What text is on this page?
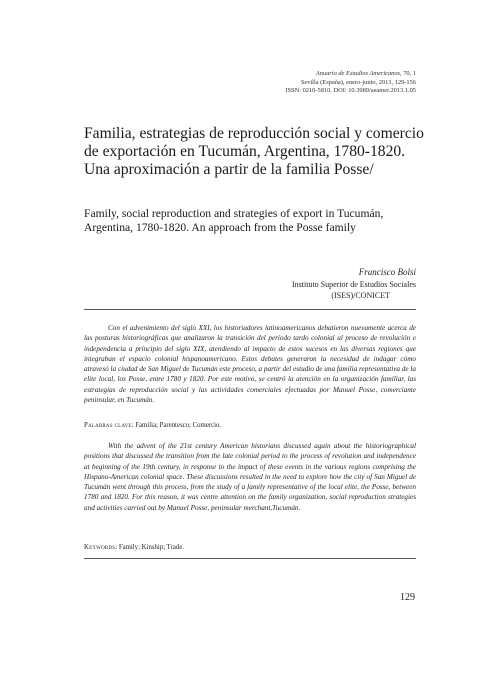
Anuario de Estudios Americanos, 70, 1
Sevilla (España), enero-junio, 2013, 129-156
ISSN: 0210-5810. DOI: 10.3989/aeamer.2013.1.05
Familia, estrategias de reproducción social y comercio de exportación en Tucumán, Argentina, 1780-1820. Una aproximación a partir de la familia Posse/
Family, social reproduction and strategies of export in Tucumán, Argentina, 1780-1820. An approach from the Posse family
Francisco Bolsi
Instituto Superior de Estudios Sociales
(ISES)/CONICET

Con el advenimiento del siglo XXI, los historiadores latinoamericanos debatieron nuevamente acerca de las posturas historiográficas que analizaron la transición del período tardo colonial al proceso de revolución e independencia a principio del siglo XIX, atendiendo al impacto de estos sucesos en las diversas regiones que integraban el espacio colonial hispanoamericano. Estos debates generaron la necesidad de indagar cómo atravesó la ciudad de San Miguel de Tucumán este proceso, a partir del estudio de una familia representativa de la elite local, los Posse, entre 1780 y 1820. Por este motivo, se centró la atención en la organización familiar, las estrategias de reproducción social y las actividades comerciales efectuadas por Manuel Posse, comerciante peninsular, en Tucumán.

Palabras clave: Familia; Parentesco; Comercio.

With the advent of the 21st century American historians discussed again about the historiographical positions that discussed the transition from the late colonial period to the process of revolution and independence at beginning of the 19th century, in response to the impact of these events in the various regions comprising the Hispano-American colonial space. These discussions resulted in the need to explore how the city of San Miguel de Tucumán went through this process, from the study of a family representative of the local elite, the Posse, between 1780 and 1820. For this reason, it was centre attention on the family organization, social reproduction strategies and activities carried out by Manuel Posse, peninsular merchant,Tucumán.

Keywords: Family; Kinship; Trade.
129
